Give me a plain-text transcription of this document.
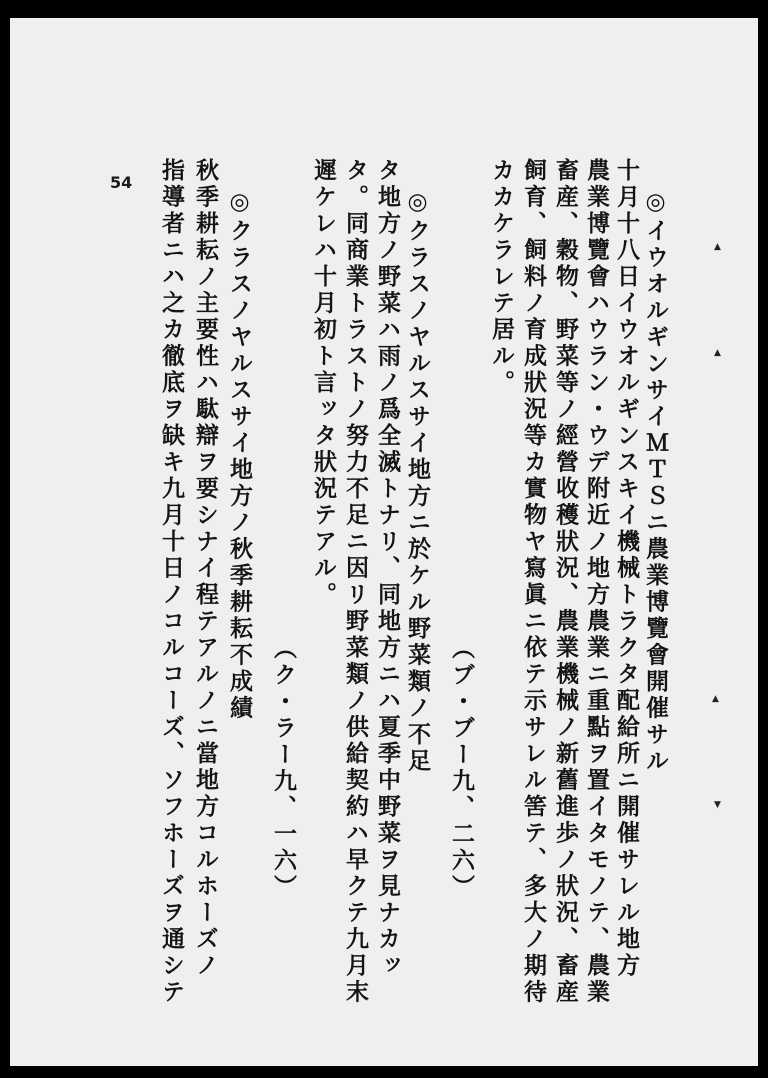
◎イウオルギンサイＭＴＳニ農業博覽會開催サル
十月十八日イウオルギンスキイ機械トラクタ配給所ニ開催サレル地方
農業博覽會ハウラン・ウデ附近ノ地方農業ニ重點ヲ置イタモノテ、農業
畜産、穀物、野菜等ノ經營收穫狀況、農業機械ノ新舊進歩ノ狀況、畜産
飼育、飼料ノ育成狀況等カ實物ヤ寫眞ニ依テ示サレル筈テ、多大ノ期待
カカケラレテ居ル。
（ブ・ブー九、二六）
◎クラスノヤルスサイ地方ニ於ケル野菜類ノ不足
タ地方ノ野菜ハ雨ノ爲全滅トナリ、同地方ニハ夏季中野菜ヲ見ナカッ
タ。同商業トラストノ努力不足ニ因リ野菜類ノ供給契約ハ早クテ九月末
遲ケレハ十月初ト言ッタ狀況テアル。
（ク・ラー九、一六）
◎クラスノヤルスサイ地方ノ秋季耕耘不成績
秋季耕耘ノ主要性ハ駄辯ヲ要シナイ程テアルノニ當地方コルホーズノ
指導者ニハ之カ徹底ヲ缺キ九月十日ノコルコーズ、ソフホーズヲ通シテ
54
▲
▲
▲
▼
